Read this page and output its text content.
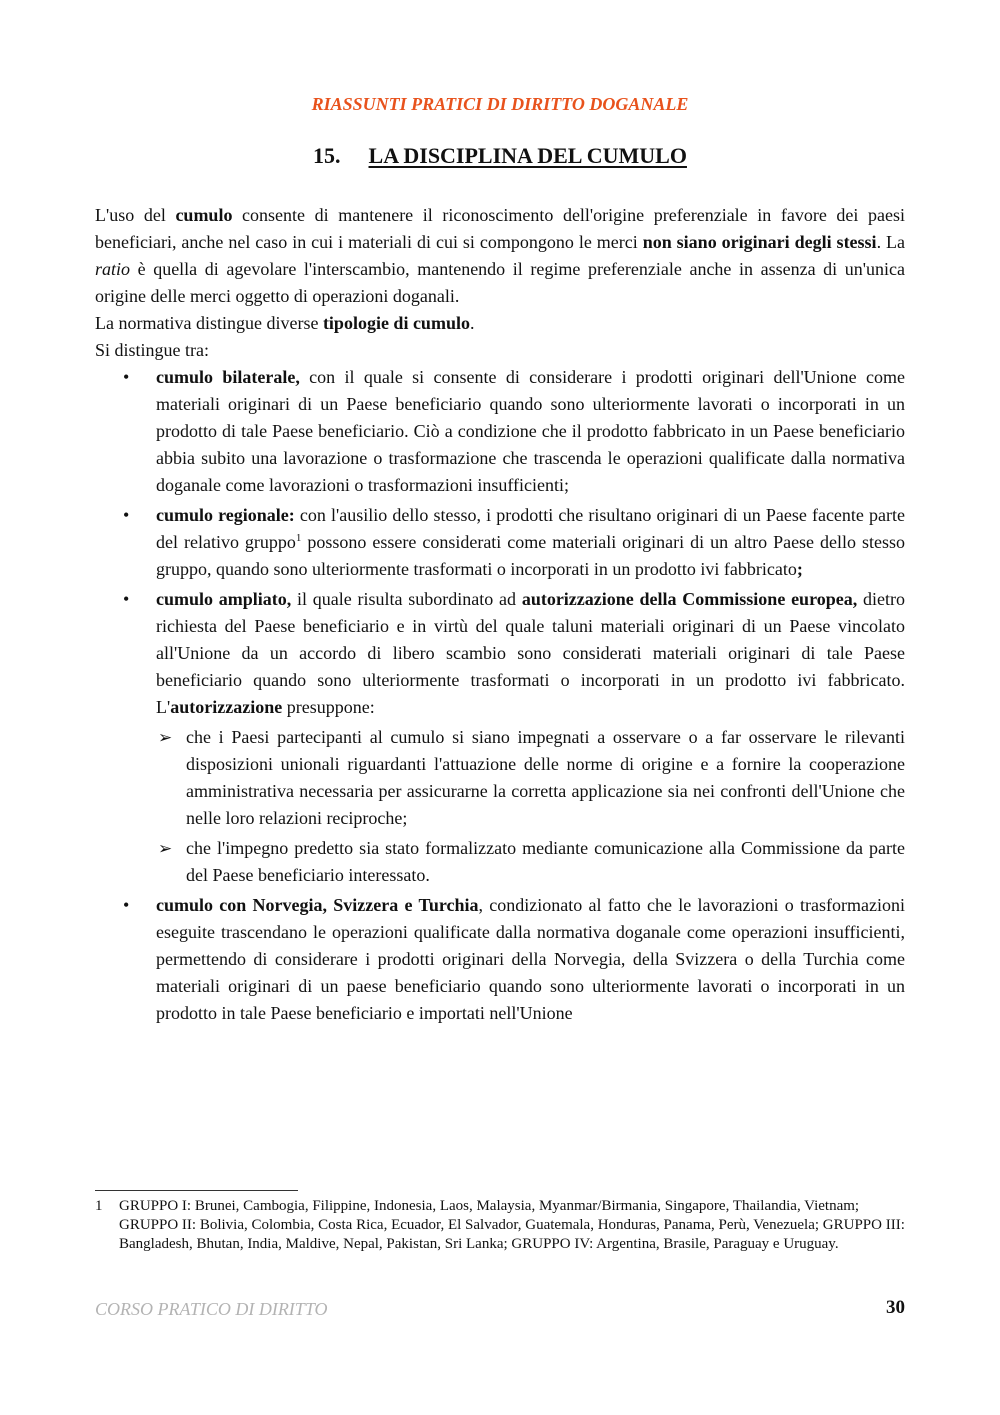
RIASSUNTI PRATICI DI DIRITTO DOGANALE
15. LA DISCIPLINA DEL CUMULO

L'uso del cumulo consente di mantenere il riconoscimento dell'origine preferenziale in favore dei paesi beneficiari, anche nel caso in cui i materiali di cui si compongono le merci non siano originari degli stessi. La ratio è quella di agevolare l'interscambio, mantenendo il regime preferenziale anche in assenza di un'unica origine delle merci oggetto di operazioni doganali.

La normativa distingue diverse tipologie di cumulo.

Si distingue tra:

• cumulo bilaterale, con il quale si consente di considerare i prodotti originari dell'Unione come materiali originari di un Paese beneficiario quando sono ulteriormente lavorati o incorporati in un prodotto di tale Paese beneficiario. Ciò a condizione che il prodotto fabbricato in un Paese beneficiario abbia subito una lavorazione o trasformazione che trascenda le operazioni qualificate dalla normativa doganale come lavorazioni o trasformazioni insufficienti;
• cumulo regionale: con l'ausilio dello stesso, i prodotti che risultano originari di un Paese facente parte del relativo gruppo$^1$ possono essere considerati come materiali originari di un altro Paese dello stesso gruppo, quando sono ulteriormente trasformati o incorporati in un prodotto ivi fabbricato;
• cumulo ampliato, il quale risulta subordinato ad autorizzazione della Commissione europea, dietro richiesta del Paese beneficiario e in virtù del quale taluni materiali originari di un Paese vincolato all'Unione da un accordo di libero scambio sono considerati materiali originari di tale Paese beneficiario quando sono ulteriormente trasformati o incorporati in un prodotto ivi fabbricato. L'autorizzazione presuppone:
➢ che i Paesi partecipanti al cumulo si siano impegnati a osservare o a far osservare le rilevanti disposizioni unionali riguardanti l'attuazione delle norme di origine e a fornire la cooperazione amministrativa necessaria per assicurarne la corretta applicazione sia nei confronti dell'Unione che nelle loro relazioni reciproche;
➢ che l'impegno predetto sia stato formalizzato mediante comunicazione alla Commissione da parte del Paese beneficiario interessato.
• cumulo con Norvegia, Svizzera e Turchia, condizionato al fatto che le lavorazioni o trasformazioni eseguite trascendano le operazioni qualificate dalla normativa doganale come operazioni insufficienti, permettendo di considerare i prodotti originari della Norvegia, della Svizzera o della Turchia come materiali originari di un paese beneficiario quando sono ulteriormente lavorati o incorporati in un prodotto in tale Paese beneficiario e importati nell'Unione
1	GRUPPO I: Brunei, Cambogia, Filippine, Indonesia, Laos, Malaysia, Myanmar/Birmania, Singapore, Thailandia, Vietnam; GRUPPO II: Bolivia, Colombia, Costa Rica, Ecuador, El Salvador, Guatemala, Honduras, Panama, Perù, Venezuela; GRUPPO III: Bangladesh, Bhutan, India, Maldive, Nepal, Pakistan, Sri Lanka; GRUPPO IV: Argentina, Brasile, Paraguay e Uruguay.
CORSO PRATICO DI DIRITTO	30
